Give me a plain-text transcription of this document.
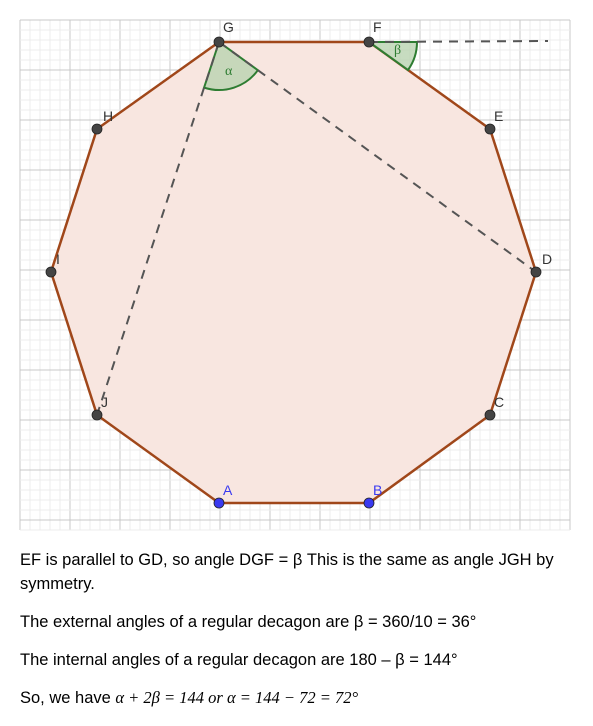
α
β
A	B
C
D
E
F
G
H
I
J

EF is parallel to GD, so angle DGF = β This is the same as angle JGH by symmetry.

The external angles of a regular decagon are β = 360/10 = 36°

The internal angles of a regular decagon are 180 – β = 144°

So, we have α + 2β = 144 or α = 144 − 72 = 72°
